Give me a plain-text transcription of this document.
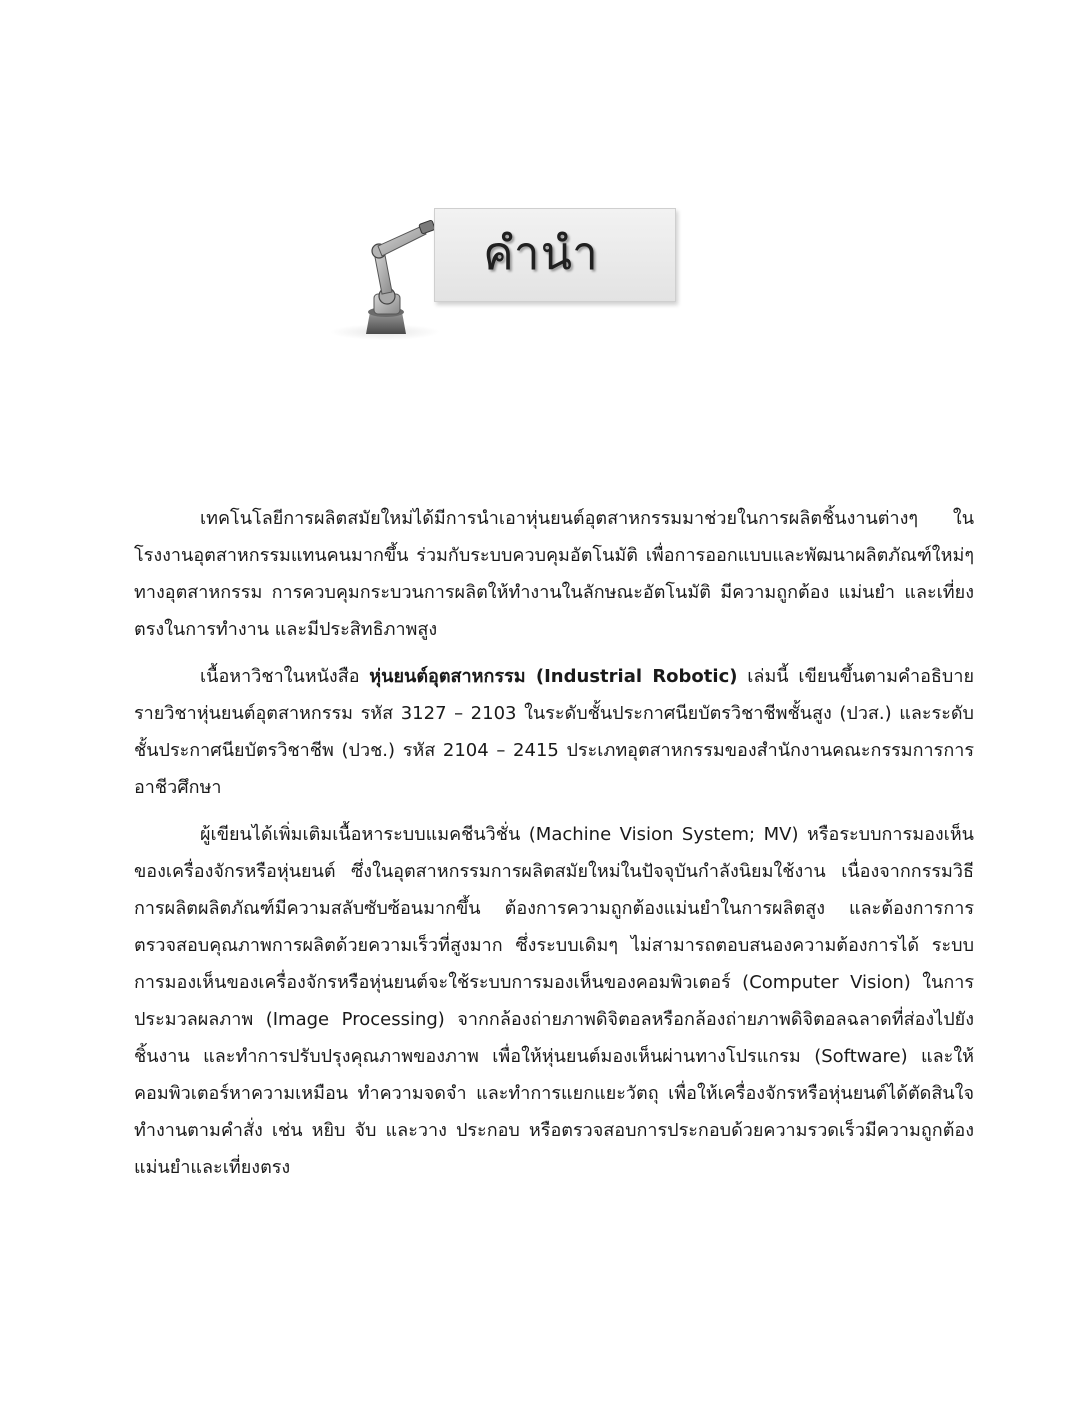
คำนำ

เทคโนโลยีการผลิตสมัยใหม่ได้มีการนำเอาหุ่นยนต์อุตสาหกรรมมาช่วยในการผลิตชิ้นงานต่างๆ ในโรงงานอุตสาหกรรมแทนคนมากขึ้น ร่วมกับระบบควบคุมอัตโนมัติ เพื่อการออกแบบและพัฒนาผลิตภัณฑ์ใหม่ๆ ทางอุตสาหกรรม การควบคุมกระบวนการผลิตให้ทำงานในลักษณะอัตโนมัติ มีความถูกต้อง แม่นยำ และเที่ยงตรงในการทำงาน และมีประสิทธิภาพสูง

เนื้อหาวิชาในหนังสือ หุ่นยนต์อุตสาหกรรม (Industrial Robotic) เล่มนี้ เขียนขึ้นตามคำอธิบายรายวิชาหุ่นยนต์อุตสาหกรรม รหัส 3127 – 2103 ในระดับชั้นประกาศนียบัตรวิชาชีพชั้นสูง (ปวส.) และระดับชั้นประกาศนียบัตรวิชาชีพ (ปวช.) รหัส 2104 – 2415 ประเภทอุตสาหกรรมของสำนักงานคณะกรรมการการอาชีวศึกษา

ผู้เขียนได้เพิ่มเติมเนื้อหาระบบแมคชีนวิชั่น (Machine Vision System; MV) หรือระบบการมองเห็นของเครื่องจักรหรือหุ่นยนต์ ซึ่งในอุตสาหกรรมการผลิตสมัยใหม่ในปัจจุบันกำลังนิยมใช้งาน เนื่องจากกรรมวิธีการผลิตผลิตภัณฑ์มีความสลับซับซ้อนมากขึ้น ต้องการความถูกต้องแม่นยำในการผลิตสูง และต้องการการตรวจสอบคุณภาพการผลิตด้วยความเร็วที่สูงมาก ซึ่งระบบเดิมๆ ไม่สามารถตอบสนองความต้องการได้ ระบบการมองเห็นของเครื่องจักรหรือหุ่นยนต์จะใช้ระบบการมองเห็นของคอมพิวเตอร์ (Computer Vision) ในการประมวลผลภาพ (Image Processing) จากกล้องถ่ายภาพดิจิตอลหรือกล้องถ่ายภาพดิจิตอลฉลาดที่ส่องไปยังชิ้นงาน และทำการปรับปรุงคุณภาพของภาพ เพื่อให้หุ่นยนต์มองเห็นผ่านทางโปรแกรม (Software) และให้คอมพิวเตอร์หาความเหมือน ทำความจดจำ และทำการแยกแยะวัตถุ เพื่อให้เครื่องจักรหรือหุ่นยนต์ได้ตัดสินใจทำงานตามคำสั่ง เช่น หยิบ จับ และวาง ประกอบ หรือตรวจสอบการประกอบด้วยความรวดเร็วมีความถูกต้องแม่นยำและเที่ยงตรง
